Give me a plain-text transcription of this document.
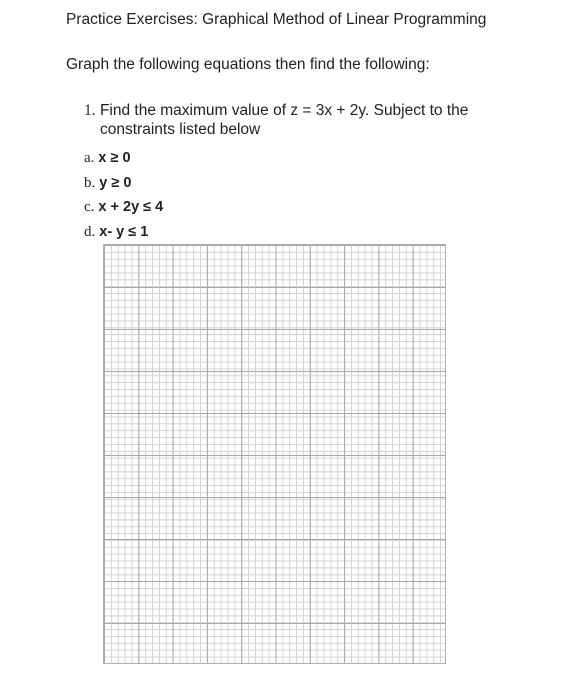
Practice Exercises: Graphical Method of Linear Programming
Graph the following equations then find the following:
1. Find the maximum value of z = 3x + 2y. Subject to the
constraints listed below
a. x ≥ 0
b. y ≥ 0
c. x + 2y ≤ 4
d. x- y ≤ 1
